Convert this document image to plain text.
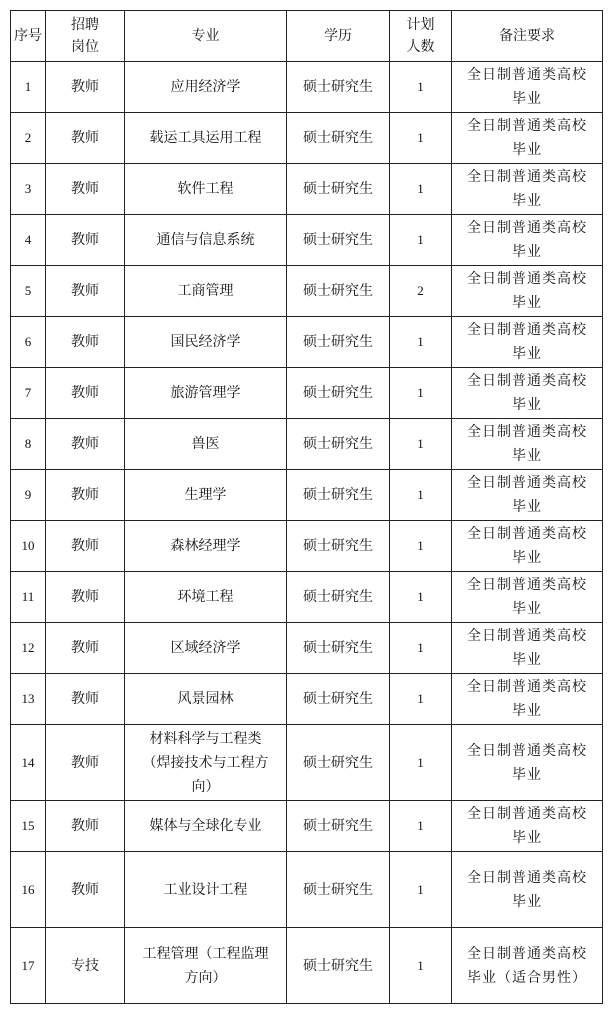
序号	招聘岗位	专业	学历	计划人数	备注要求
1	教师	应用经济学	硕士研究生	1	全日制普通类高校毕业
2	教师	载运工具运用工程	硕士研究生	1	全日制普通类高校毕业
3	教师	软件工程	硕士研究生	1	全日制普通类高校毕业
4	教师	通信与信息系统	硕士研究生	1	全日制普通类高校毕业
5	教师	工商管理	硕士研究生	2	全日制普通类高校毕业
6	教师	国民经济学	硕士研究生	1	全日制普通类高校毕业
7	教师	旅游管理学	硕士研究生	1	全日制普通类高校毕业
8	教师	兽医	硕士研究生	1	全日制普通类高校毕业
9	教师	生理学	硕士研究生	1	全日制普通类高校毕业
10	教师	森林经理学	硕士研究生	1	全日制普通类高校毕业
11	教师	环境工程	硕士研究生	1	全日制普通类高校毕业
12	教师	区域经济学	硕士研究生	1	全日制普通类高校毕业
13	教师	风景园林	硕士研究生	1	全日制普通类高校毕业
14	教师	材料科学与工程类（焊接技术与工程方向）	硕士研究生	1	全日制普通类高校毕业
15	教师	媒体与全球化专业	硕士研究生	1	全日制普通类高校毕业
16	教师	工业设计工程	硕士研究生	1	全日制普通类高校毕业
17	专技	工程管理（工程监理方向）	硕士研究生	1	全日制普通类高校毕业（适合男性）
